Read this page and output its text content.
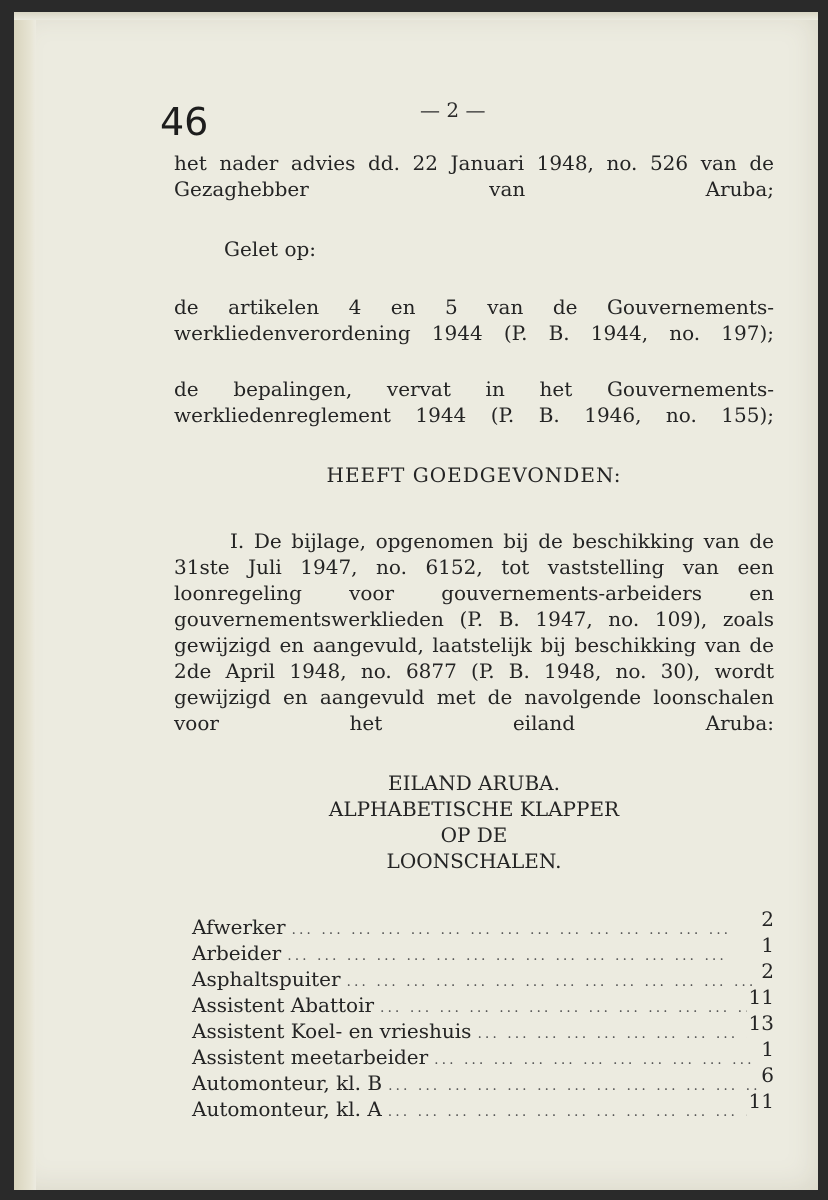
46	— 2 —

het nader advies dd. 22 Januari 1948, no. 526 van de Gezaghebber van Aruba;

Gelet op:

de artikelen 4 en 5 van de Gouvernements-werkliedenverordening 1944 (P. B. 1944, no. 197);

de bepalingen, vervat in het Gouvernements-werkliedenreglement 1944 (P. B. 1946, no. 155);

HEEFT GOEDGEVONDEN:

I. De bijlage, opgenomen bij de beschikking van de 31ste Juli 1947, no. 6152, tot vaststelling van een loonregeling voor gouvernements-arbeiders en gouvernementswerklieden (P. B. 1947, no. 109), zoals gewijzigd en aangevuld, laatstelijk bij beschikking van de 2de April 1948, no. 6877 (P. B. 1948, no. 30), wordt gewijzigd en aangevuld met de navolgende loonschalen voor het eiland Aruba:

EILAND ARUBA.
ALPHABETISCHE KLAPPER
OP DE
LOONSCHALEN.
Afwerker ... .	2
Arbeider ... .	1
Asphaltspuiter ... .	2
Assistent Abattoir ... .	11
Assistent Koel- en vrieshuis ... .	13
Assistent meetarbeider ... .	1
Automonteur, kl. B ... .	6
Automonteur, kl. A ... .	11
